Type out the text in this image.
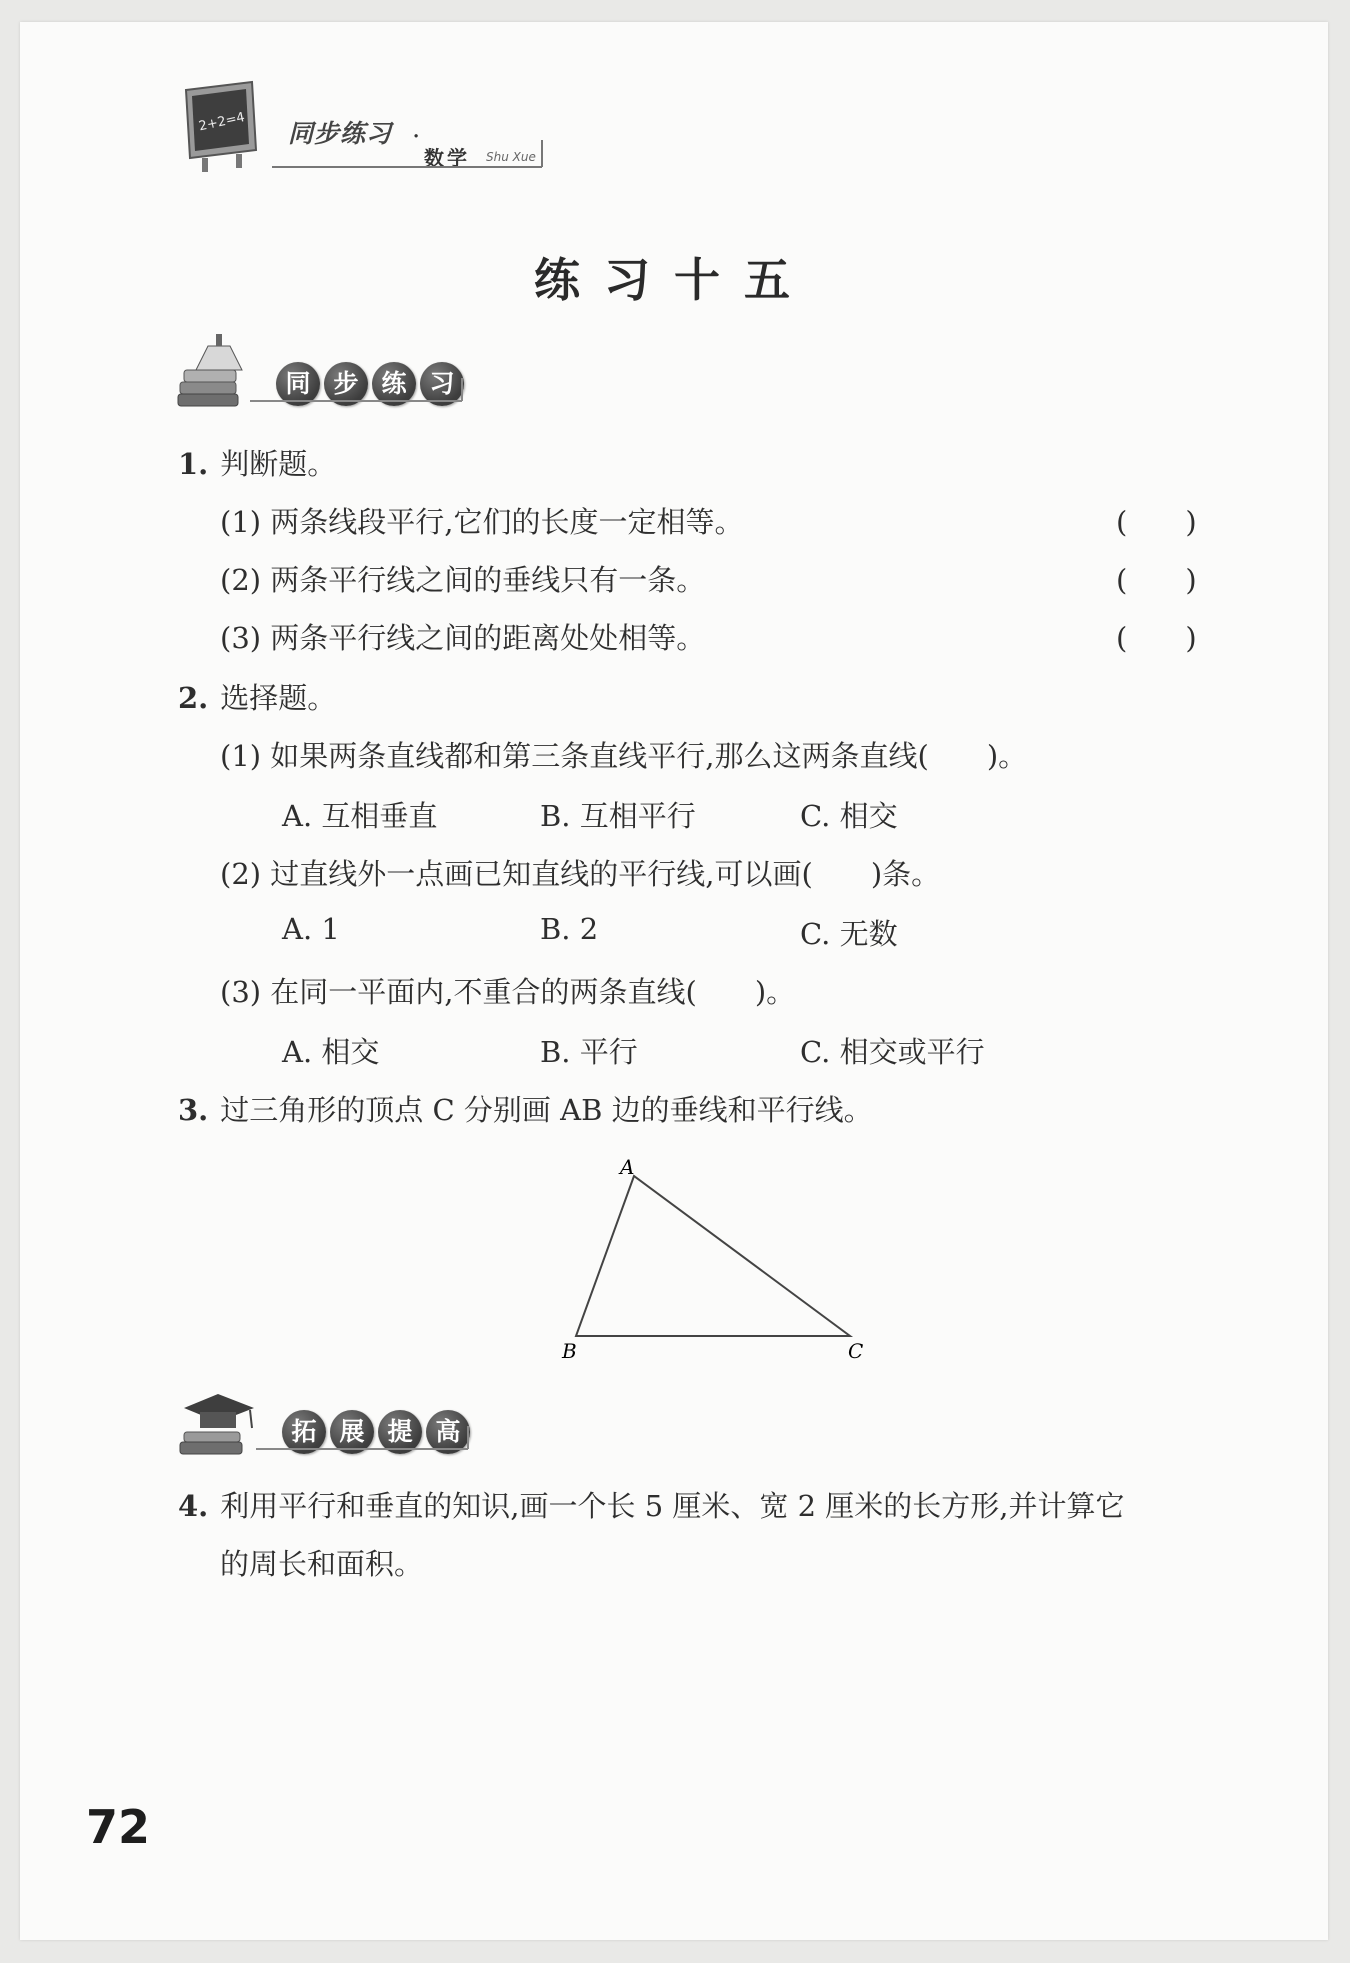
2+2=4 同步练习 ·
数学 Shu Xue
练习十五
同 步 练 习
1. 判断题。
(1) 两条线段平行,它们的长度一定相等。	(　　)
(2) 两条平行线之间的垂线只有一条。	(　　)
(3) 两条平行线之间的距离处处相等。	(　　)
2. 选择题。
(1) 如果两条直线都和第三条直线平行,那么这两条直线(　　)。
A. 互相垂直	B. 互相平行	C. 相交
(2) 过直线外一点画已知直线的平行线,可以画(　　)条。
A. 1	B. 2	C. 无数
(3) 在同一平面内,不重合的两条直线(　　)。
A. 相交	B. 平行	C. 相交或平行
3. 过三角形的顶点 C 分别画 AB 边的垂线和平行线。
A
B	C
拓 展 提 高
4. 利用平行和垂直的知识,画一个长 5 厘米、宽 2 厘米的长方形,并计算它
的周长和面积。
72
